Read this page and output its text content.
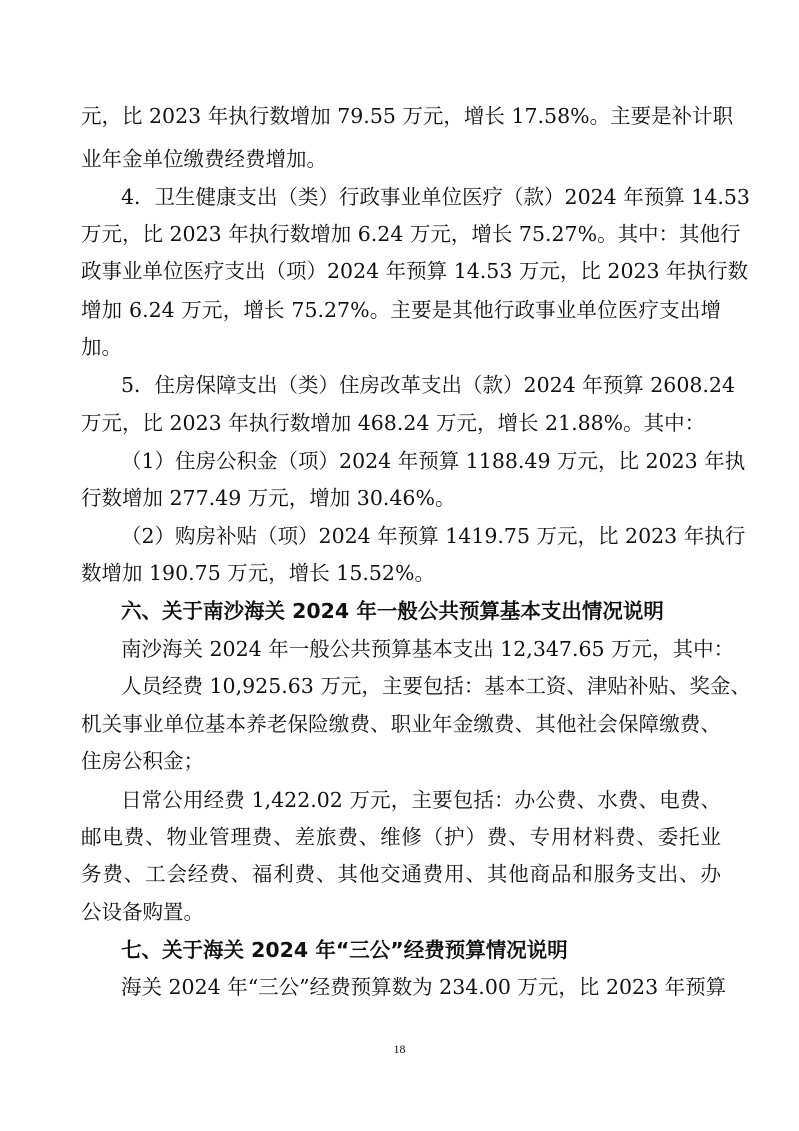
元，比 2023 年执行数增加 79.55 万元，增长 17.58%。主要是补计职
业年金单位缴费经费增加。
4．卫生健康支出（类）行政事业单位医疗（款）2024 年预算 14.53
万元，比 2023 年执行数增加 6.24 万元，增长 75.27%。其中：其他行
政事业单位医疗支出（项）2024 年预算 14.53 万元，比 2023 年执行数
增加 6.24 万元，增长 75.27%。主要是其他行政事业单位医疗支出增
加。
5．住房保障支出（类）住房改革支出（款）2024 年预算 2608.24
万元，比 2023 年执行数增加 468.24 万元，增长 21.88%。其中：
（1）住房公积金（项）2024 年预算 1188.49 万元，比 2023 年执
行数增加 277.49 万元，增加 30.46%。
（2）购房补贴（项）2024 年预算 1419.75 万元，比 2023 年执行
数增加 190.75 万元，增长 15.52%。
六、关于南沙海关 2024 年一般公共预算基本支出情况说明
南沙海关 2024 年一般公共预算基本支出 12,347.65 万元，其中：
人员经费 10,925.63 万元，主要包括：基本工资、津贴补贴、奖金、
机关事业单位基本养老保险缴费、职业年金缴费、其他社会保障缴费、
住房公积金；
日常公用经费 1,422.02 万元，主要包括：办公费、水费、电费、
邮电费、物业管理费、差旅费、维修（护）费、专用材料费、委托业
务费、工会经费、福利费、其他交通费用、其他商品和服务支出、办
公设备购置。
七、关于海关 2024 年“三公”经费预算情况说明
海关 2024 年“三公”经费预算数为 234.00 万元，比 2023 年预算
18
